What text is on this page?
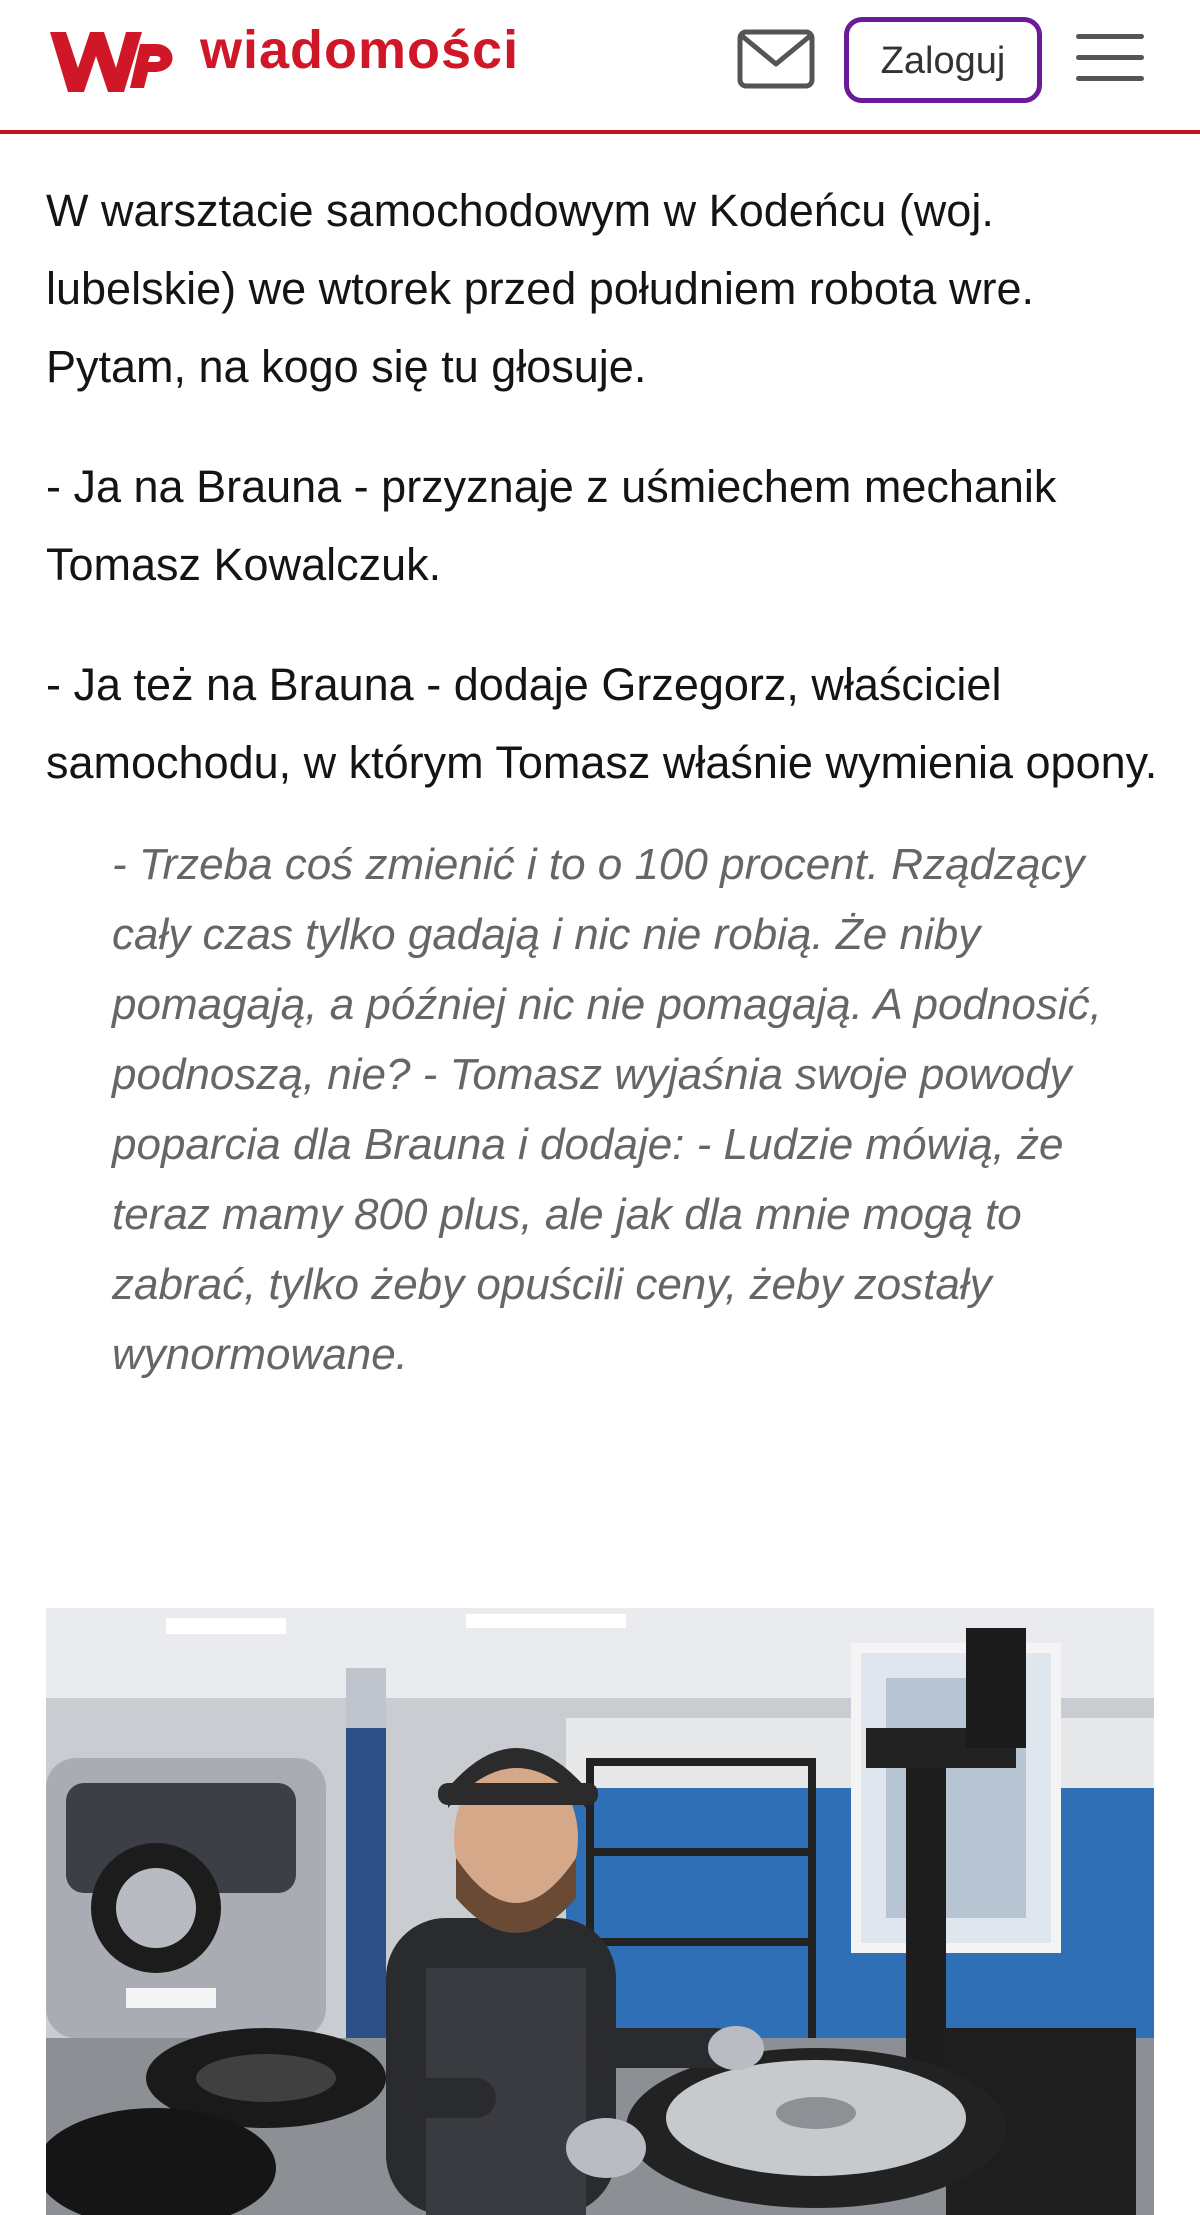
wiadomości	Zaloguj

W warsztacie samochodowym w Kodeńcu (woj. lubelskie) we wtorek przed południem robota wre. Pytam, na kogo się tu głosuje.

- Ja na Brauna - przyznaje z uśmiechem mechanik Tomasz Kowalczuk.

- Ja też na Brauna - dodaje Grzegorz, właściciel samochodu, w którym Tomasz właśnie wymienia opony.

- Trzeba coś zmienić i to o 100 procent. Rządzący cały czas tylko gadają i nic nie robią. Że niby pomagają, a później nic nie pomagają. A podnosić, podnoszą, nie? - Tomasz wyjaśnia swoje powody poparcia dla Brauna i dodaje: - Ludzie mówią, że teraz mamy 800 plus, ale jak dla mnie mogą to zabrać, tylko żeby opuścili ceny, żeby zostały wynormowane.
